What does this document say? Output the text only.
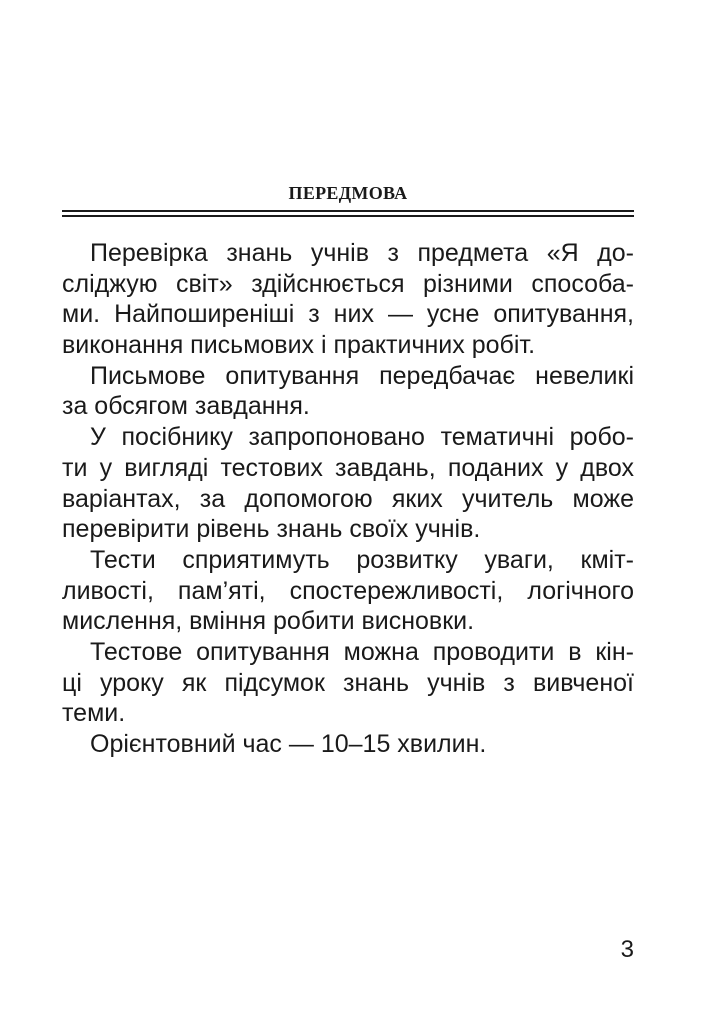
ПЕРЕДМОВА
Перевірка знань учнів з предмета «Я до-
сліджую світ» здійснюється різними способа-
ми. Найпоширеніші з них — усне опитування,
виконання письмових і практичних робіт.
Письмове опитування передбачає невеликі
за обсягом завдання.
У посібнику запропоновано тематичні робо-
ти у вигляді тестових завдань, поданих у двох
варіантах, за допомогою яких учитель може
перевірити рівень знань своїх учнів.
Тести сприятимуть розвитку уваги, кміт-
ливості, пам’яті, спостережливості, логічного
мислення, вміння робити висновки.
Тестове опитування можна проводити в кін-
ці уроку як підсумок знань учнів з вивченої
теми.
Орієнтовний час — 10–15 хвилин.
3
